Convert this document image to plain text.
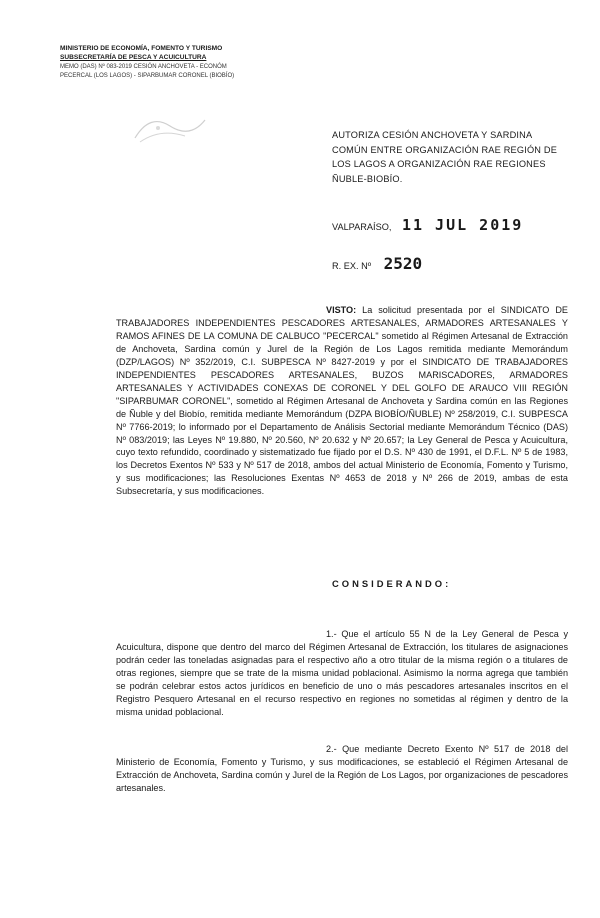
MINISTERIO DE ECONOMÍA, FOMENTO Y TURISMO
SUBSECRETARÍA DE PESCA Y ACUICULTURA
MEMO (DAS) Nº 083-2019 CESIÓN ANCHOVETA - ECONÓM
PECERCAL (LOS LAGOS) - SIPARBUMAR CORONEL (BIOBÍO)
AUTORIZA CESIÓN ANCHOVETA Y SARDINA COMÚN ENTRE ORGANIZACIÓN RAE REGIÓN DE LOS LAGOS A ORGANIZACIÓN RAE REGIONES ÑUBLE-BIOBÍO.
VALPARAÍSO, 11 JUL 2019
R. EX. Nº 2520
VISTO: La solicitud presentada por el SINDICATO DE TRABAJADORES INDEPENDIENTES PESCADORES ARTESANALES, ARMADORES ARTESANALES Y RAMOS AFINES DE LA COMUNA DE CALBUCO "PECERCAL" sometido al Régimen Artesanal de Extracción de Anchoveta, Sardina común y Jurel de la Región de Los Lagos remitida mediante Memorándum (DZP/LAGOS) Nº 352/2019, C.I. SUBPESCA Nº 8427-2019 y por el SINDICATO DE TRABAJADORES INDEPENDIENTES PESCADORES ARTESANALES, BUZOS MARISCADORES, ARMADORES ARTESANALES Y ACTIVIDADES CONEXAS DE CORONEL Y DEL GOLFO DE ARAUCO VIII REGIÓN "SIPARBUMAR CORONEL", sometido al Régimen Artesanal de Anchoveta y Sardina común en las Regiones de Ñuble y del Biobío, remitida mediante Memorándum (DZPA BIOBÍO/ÑUBLE) Nº 258/2019, C.I. SUBPESCA Nº 7766-2019; lo informado por el Departamento de Análisis Sectorial mediante Memorándum Técnico (DAS) Nº 083/2019; las Leyes Nº 19.880, Nº 20.560, Nº 20.632 y Nº 20.657; la Ley General de Pesca y Acuicultura, cuyo texto refundido, coordinado y sistematizado fue fijado por el D.S. Nº 430 de 1991, el D.F.L. Nº 5 de 1983, los Decretos Exentos Nº 533 y Nº 517 de 2018, ambos del actual Ministerio de Economía, Fomento y Turismo, y sus modificaciones; las Resoluciones Exentas Nº 4653 de 2018 y Nº 266 de 2019, ambas de esta Subsecretaría, y sus modificaciones.
CONSIDERANDO:
1.- Que el artículo 55 N de la Ley General de Pesca y Acuicultura, dispone que dentro del marco del Régimen Artesanal de Extracción, los titulares de asignaciones podrán ceder las toneladas asignadas para el respectivo año a otro titular de la misma región o a titulares de otras regiones, siempre que se trate de la misma unidad poblacional. Asimismo la norma agrega que también se podrán celebrar estos actos jurídicos en beneficio de uno o más pescadores artesanales inscritos en el Registro Pesquero Artesanal en el recurso respectivo en regiones no sometidas al régimen y dentro de la misma unidad poblacional.
2.- Que mediante Decreto Exento Nº 517 de 2018 del Ministerio de Economía, Fomento y Turismo, y sus modificaciones, se estableció el Régimen Artesanal de Extracción de Anchoveta, Sardina común y Jurel de la Región de Los Lagos, por organizaciones de pescadores artesanales.
